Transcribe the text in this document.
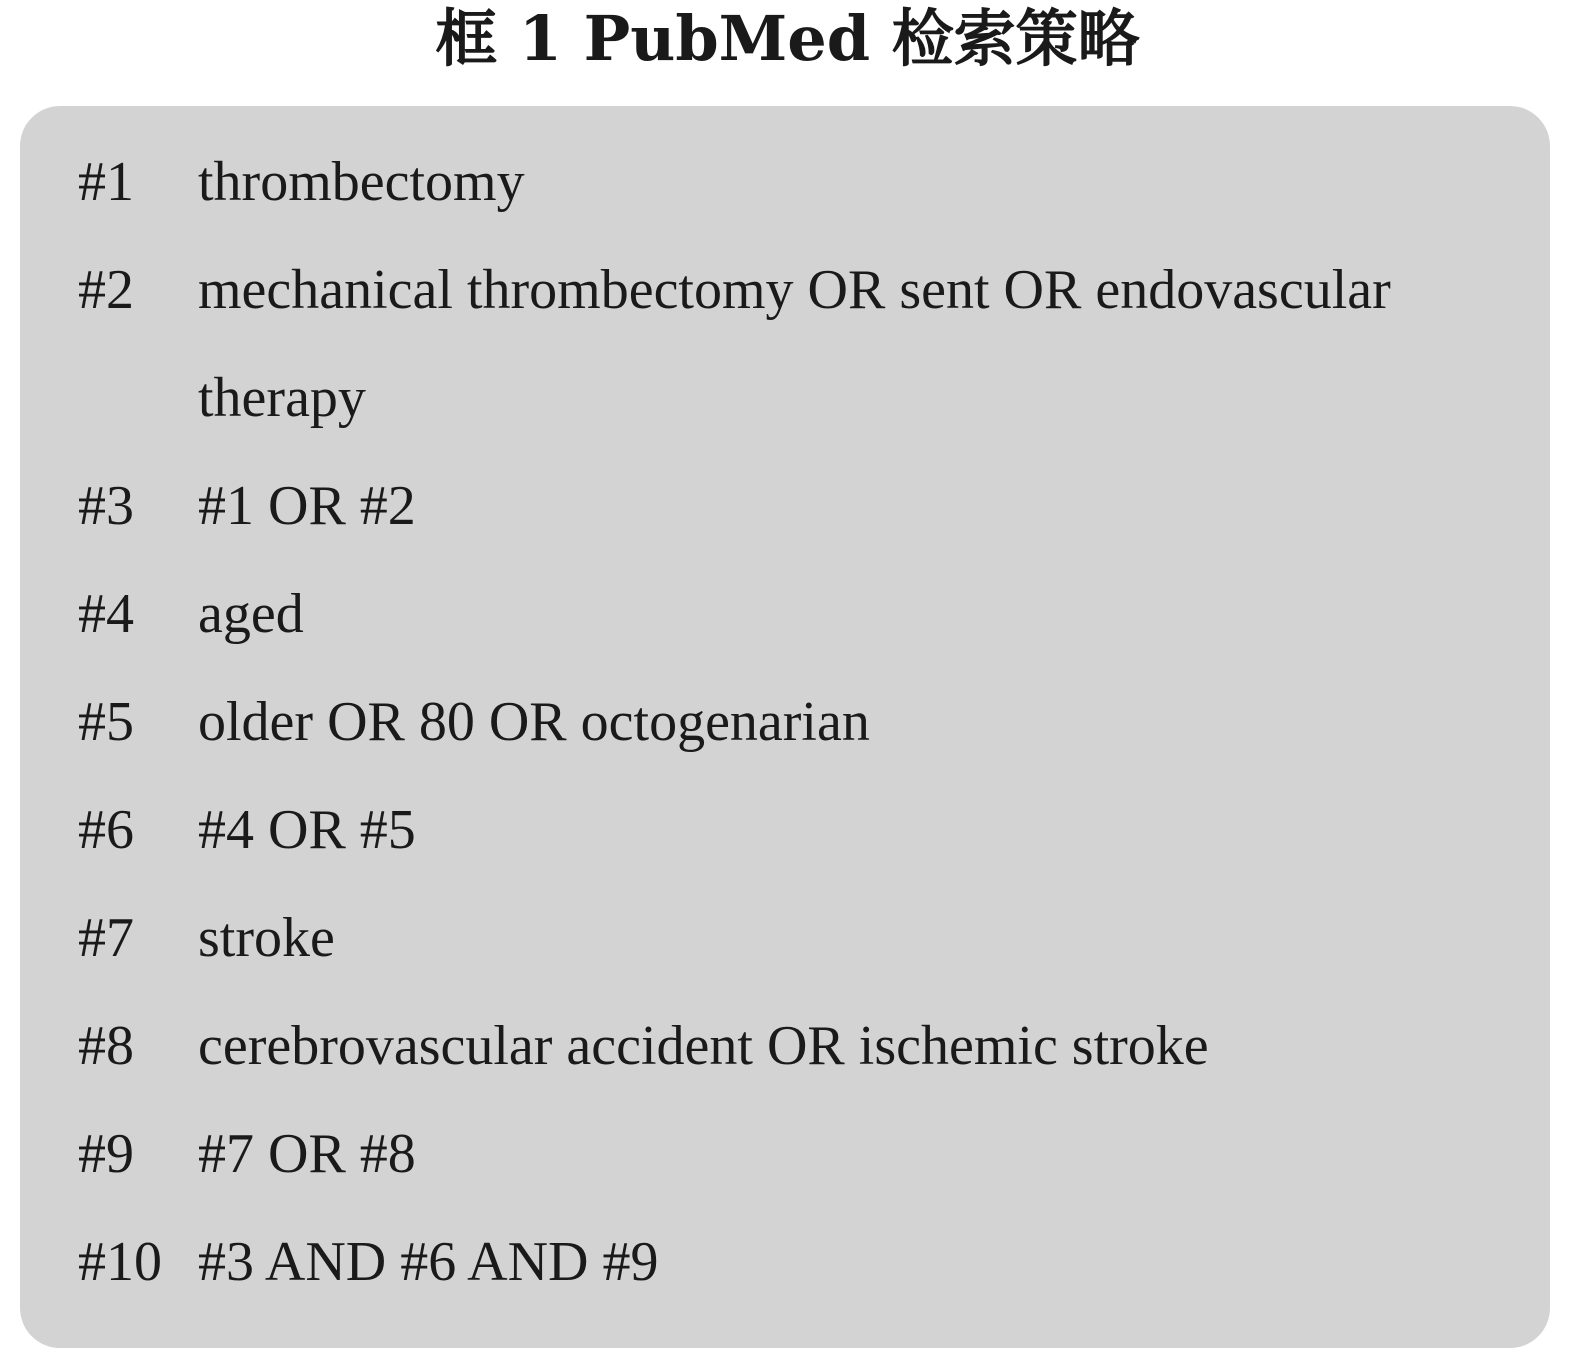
框 1 PubMed 检索策略
#1	thrombectomy
#2	mechanical thrombectomy OR sent OR endovascular
therapy
#3	#1 OR #2
#4	aged
#5	older OR 80 OR octogenarian
#6	#4 OR #5
#7	stroke
#8	cerebrovascular accident OR ischemic stroke
#9	#7 OR #8
#10 #3 AND #6 AND #9
